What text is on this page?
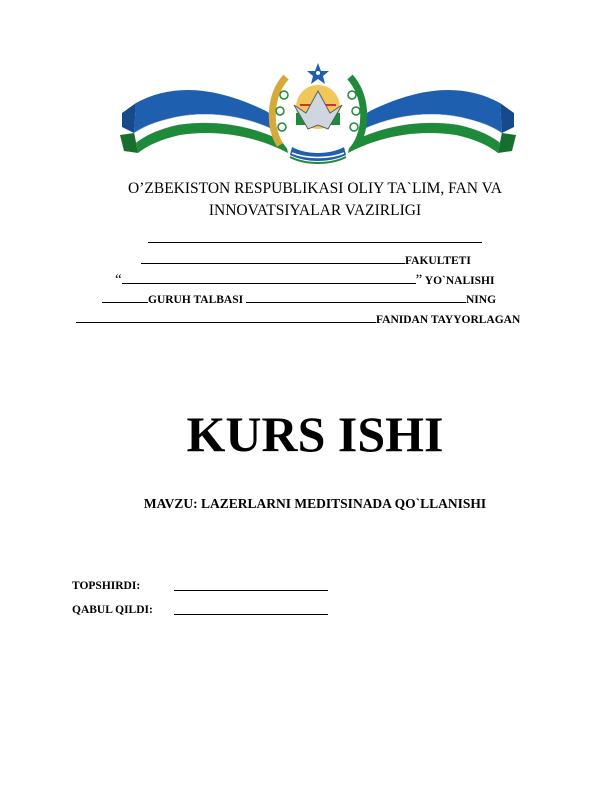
O’ZBEKISTON RESPUBLIKASI OLIY TA`LIM, FAN VA
INNOVATSIYALAR VAZIRLIGI
FAKULTETI
“	” YO`NALISHI
GURUH TALBASI	NING
FANIDAN TAYYORLAGAN
KURS ISHI
MAVZU: LAZERLARNI MEDITSINADA QO`LLANISHI
TOPSHIRDI:
QABUL QILDI:
